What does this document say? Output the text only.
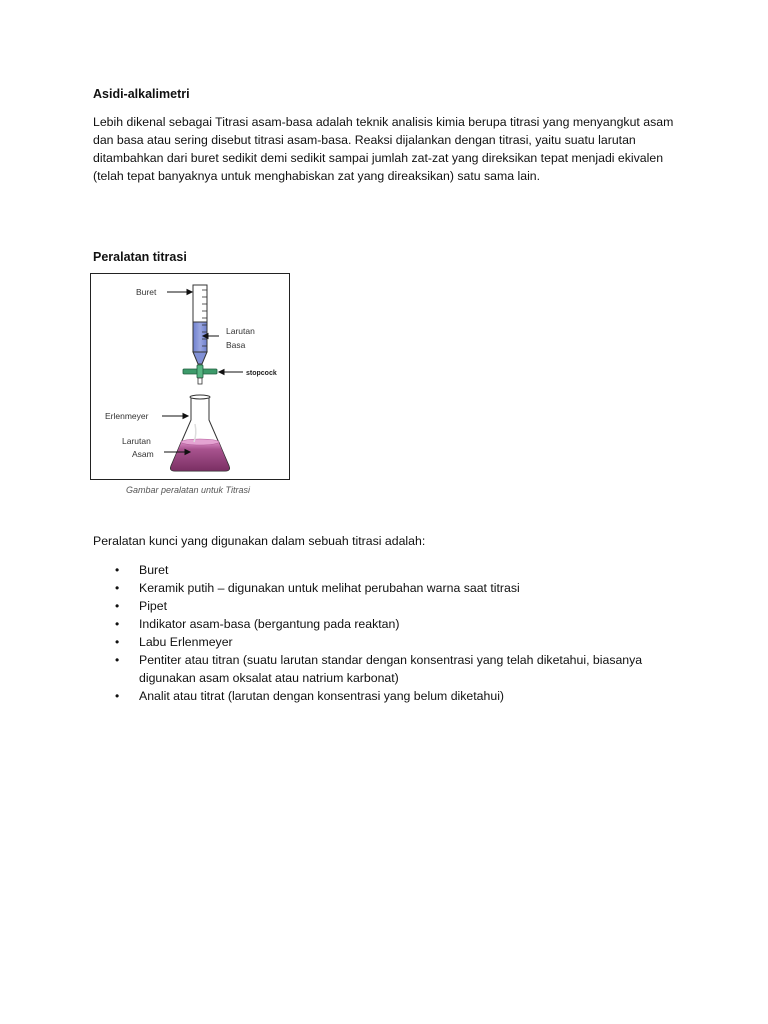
Asidi-alkalimetri

Lebih dikenal sebagai Titrasi asam-basa adalah teknik analisis kimia berupa titrasi yang menyangkut asam dan basa atau sering disebut titrasi asam-basa. Reaksi dijalankan dengan titrasi, yaitu suatu larutan ditambahkan dari buret sedikit demi sedikit sampai jumlah zat-zat yang direksikan tepat menjadi ekivalen (telah tepat banyaknya untuk menghabiskan zat yang direaksikan) satu sama lain.

Peralatan titrasi
Buret
Larutan
Basa
stopcock
Erlenmeyer
Larutan
Asam
Gambar peralatan untuk Titrasi
Peralatan kunci yang digunakan dalam sebuah titrasi adalah:
• Buret
• Keramik putih – digunakan untuk melihat perubahan warna saat titrasi
• Pipet
• Indikator asam-basa (bergantung pada reaktan)
• Labu Erlenmeyer
• Pentiter atau titran (suatu larutan standar dengan konsentrasi yang telah diketahui, biasanya digunakan asam oksalat atau natrium karbonat)
• Analit atau titrat (larutan dengan konsentrasi yang belum diketahui)
